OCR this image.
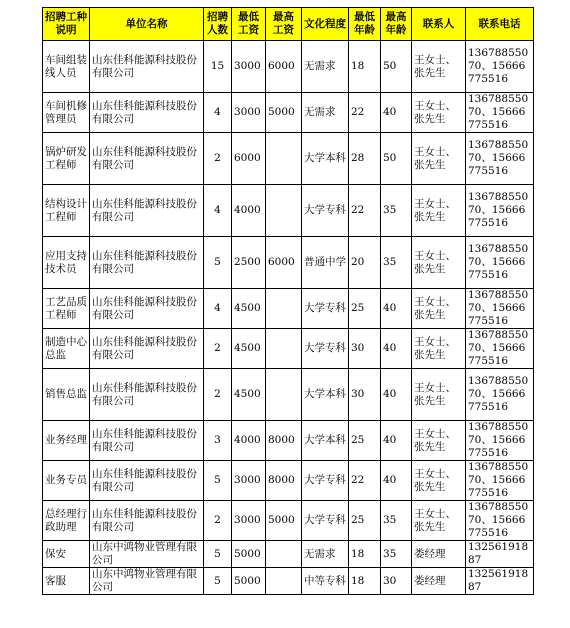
招聘工种说明	单位名称	招聘人数	最低工资	最高工资	文化程度	最低年龄	最高年龄	联系人	联系电话
车间组装线人员	山东佳科能源科技股份有限公司	15	3000	6000	无需求	18	50	王女士、张先生	13678855070、15666775516
车间机修管理员	山东佳科能源科技股份有限公司	4	3000	5000	无需求	22	40	王女士、张先生	13678855070、15666775516
锅炉研发工程师	山东佳科能源科技股份有限公司	2	6000		大学本科	28	50	王女士、张先生	13678855070、15666775516
结构设计工程师	山东佳科能源科技股份有限公司	4	4000		大学专科	22	35	王女士、张先生	13678855070、15666775516
应用支持技术员	山东佳科能源科技股份有限公司	5	2500	6000	普通中学	20	35	王女士、张先生	13678855070、15666775516
工艺品质工程师	山东佳科能源科技股份有限公司	4	4500		大学专科	25	40	王女士、张先生	13678855070、15666775516
制造中心总监	山东佳科能源科技股份有限公司	2	4500		大学专科	30	40	王女士、张先生	13678855070、15666775516
销售总监	山东佳科能源科技股份有限公司	2	4500		大学本科	30	40	王女士、张先生	13678855070、15666775516
业务经理	山东佳科能源科技股份有限公司	3	4000	8000	大学本科	25	40	王女士、张先生	13678855070、15666775516
业务专员	山东佳科能源科技股份有限公司	5	3000	8000	大学专科	22	40	王女士、张先生	13678855070、15666775516
总经理行政助理	山东佳科能源科技股份有限公司	2	3000	5000	大学专科	25	35	王女士、张先生	13678855070、15666775516
保安	山东中鸿物业管理有限公司	5	5000		无需求	18	35	娄经理	13256191887
客服	山东中鸿物业管理有限公司	5	5000		中等专科	18	30	娄经理	13256191887
